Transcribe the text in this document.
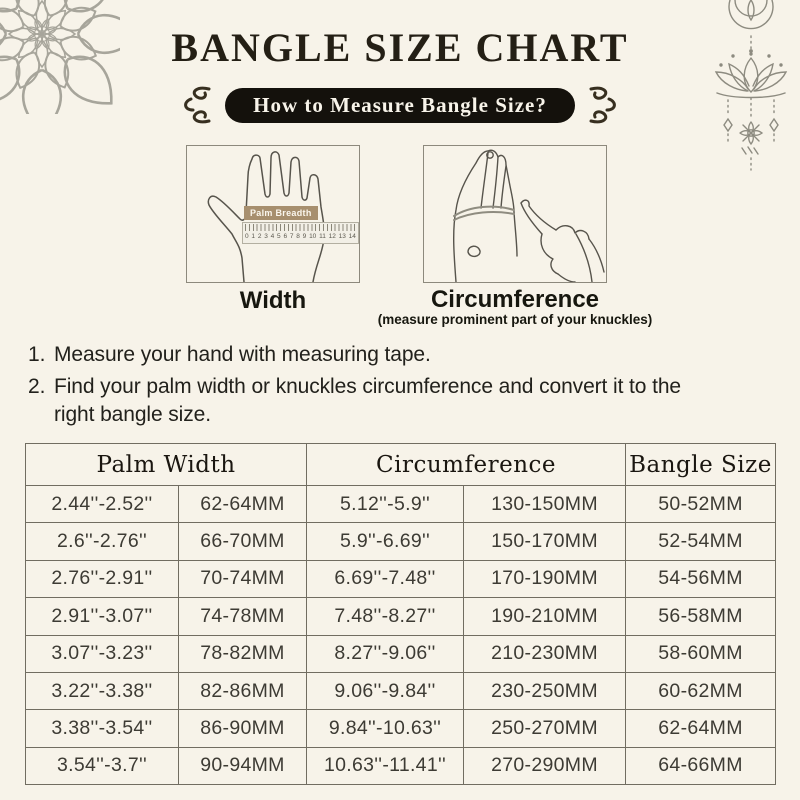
BANGLE SIZE CHART
How to Measure Bangle Size?
0 1 2 3 4 5 6 7 8 9 10 11 12 13 14
Palm Breadth
Width	Circumference
(measure prominent part of your knuckles)
1. Measure your hand with measuring tape.
2. Find your palm width or knuckles circumference and convert it to the right bangle size.
Palm Width		Circumference		Bangle Size
2.44''-2.52''	62-64MM	5.12''-5.9''	130-150MM	50-52MM
2.6''-2.76''	66-70MM	5.9''-6.69''	150-170MM	52-54MM
2.76''-2.91''	70-74MM	6.69''-7.48''	170-190MM	54-56MM
2.91''-3.07''	74-78MM	7.48''-8.27''	190-210MM	56-58MM
3.07''-3.23''	78-82MM	8.27''-9.06''	210-230MM	58-60MM
3.22''-3.38''	82-86MM	9.06''-9.84''	230-250MM	60-62MM
3.38''-3.54''	86-90MM	9.84''-10.63''	250-270MM	62-64MM
3.54''-3.7''	90-94MM	10.63''-11.41''	270-290MM	64-66MM
